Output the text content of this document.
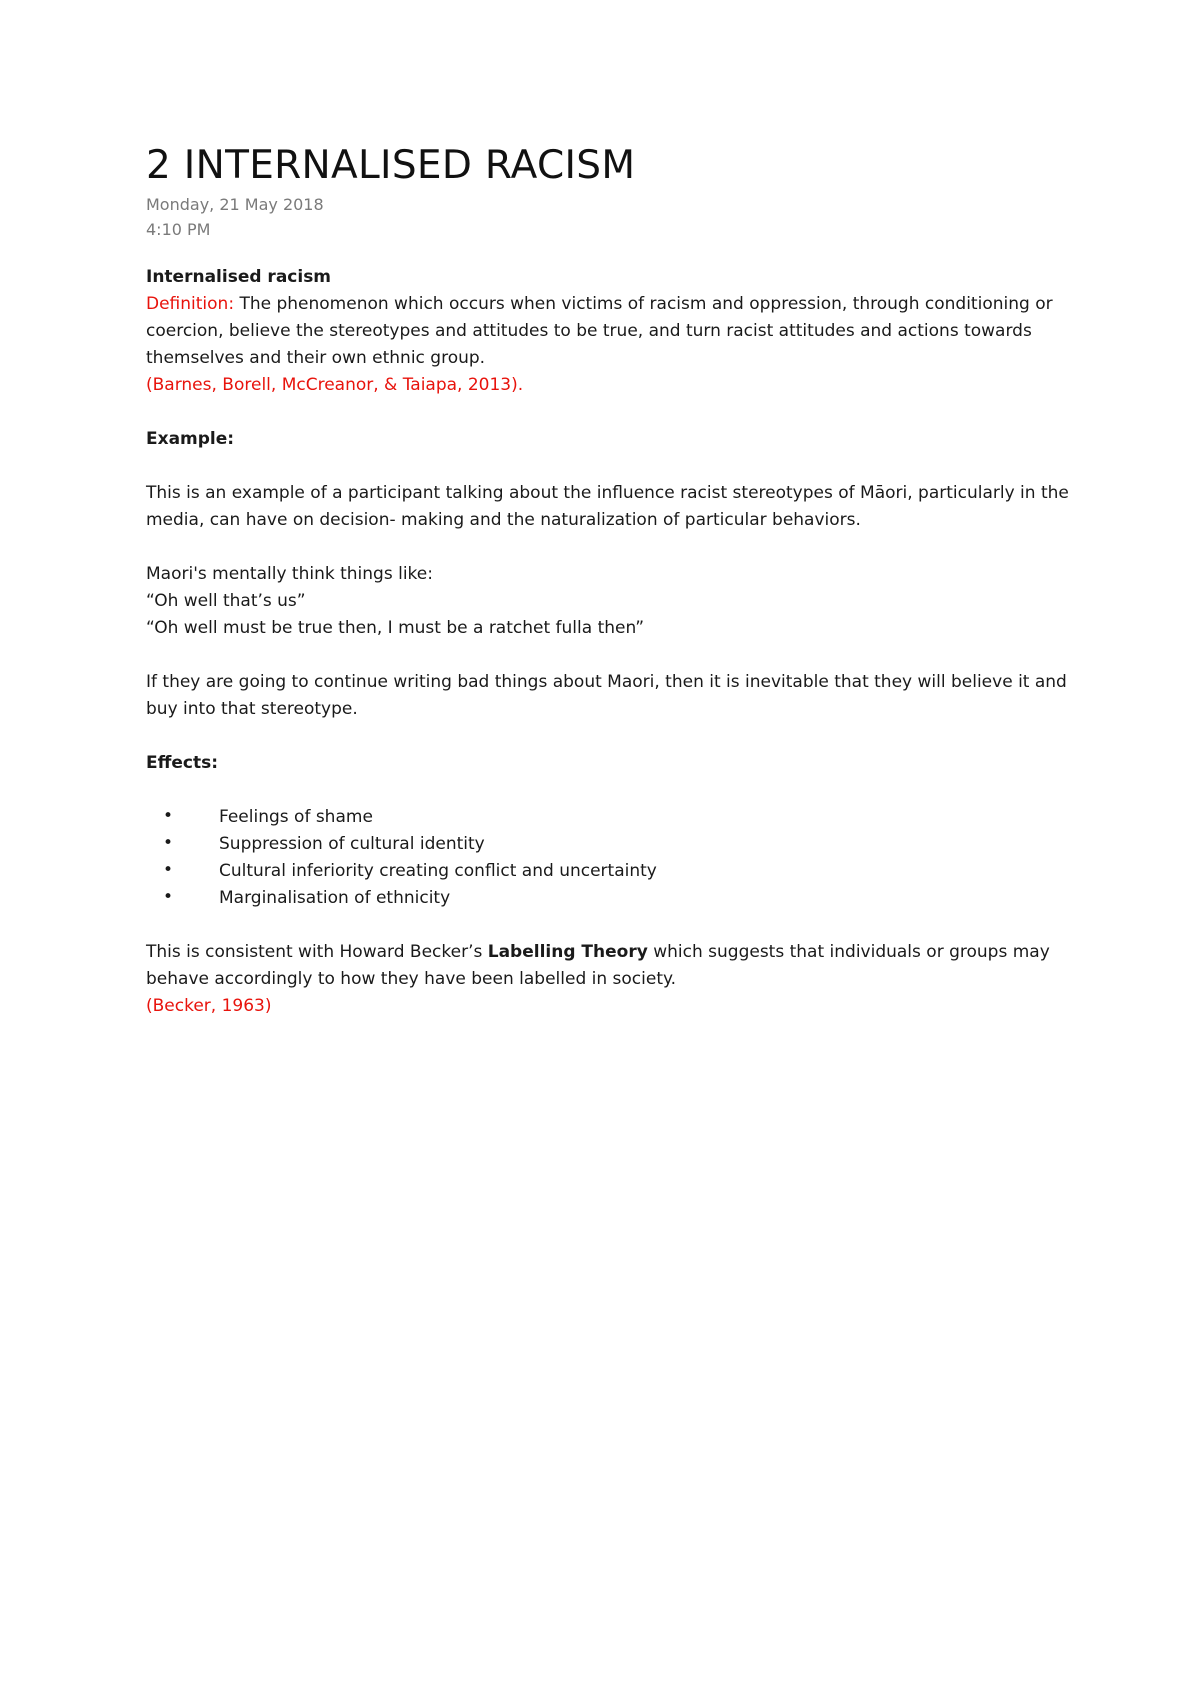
2 INTERNALISED RACISM
Monday, 21 May 2018
4:10 PM

Internalised racism

Definition: The phenomenon which occurs when victims of racism and oppression, through conditioning or coercion, believe the stereotypes and attitudes to be true, and turn racist attitudes and actions towards themselves and their own ethnic group.

(Barnes, Borell, McCreanor, & Taiapa, 2013).

Example:

This is an example of a participant talking about the influence racist stereotypes of Māori, particularly in the media, can have on decision- making and the naturalization of particular behaviors.

Maori's mentally think things like:

“Oh well that’s us”

“Oh well must be true then, I must be a ratchet fulla then”

If they are going to continue writing bad things about Maori, then it is inevitable that they will believe it and buy into that stereotype.

Effects:

•	Feelings of shame
•	Suppression of cultural identity
•	Cultural inferiority creating conflict and uncertainty
•	Marginalisation of ethnicity

This is consistent with Howard Becker’s Labelling Theory which suggests that individuals or groups may behave accordingly to how they have been labelled in society.

(Becker, 1963)
